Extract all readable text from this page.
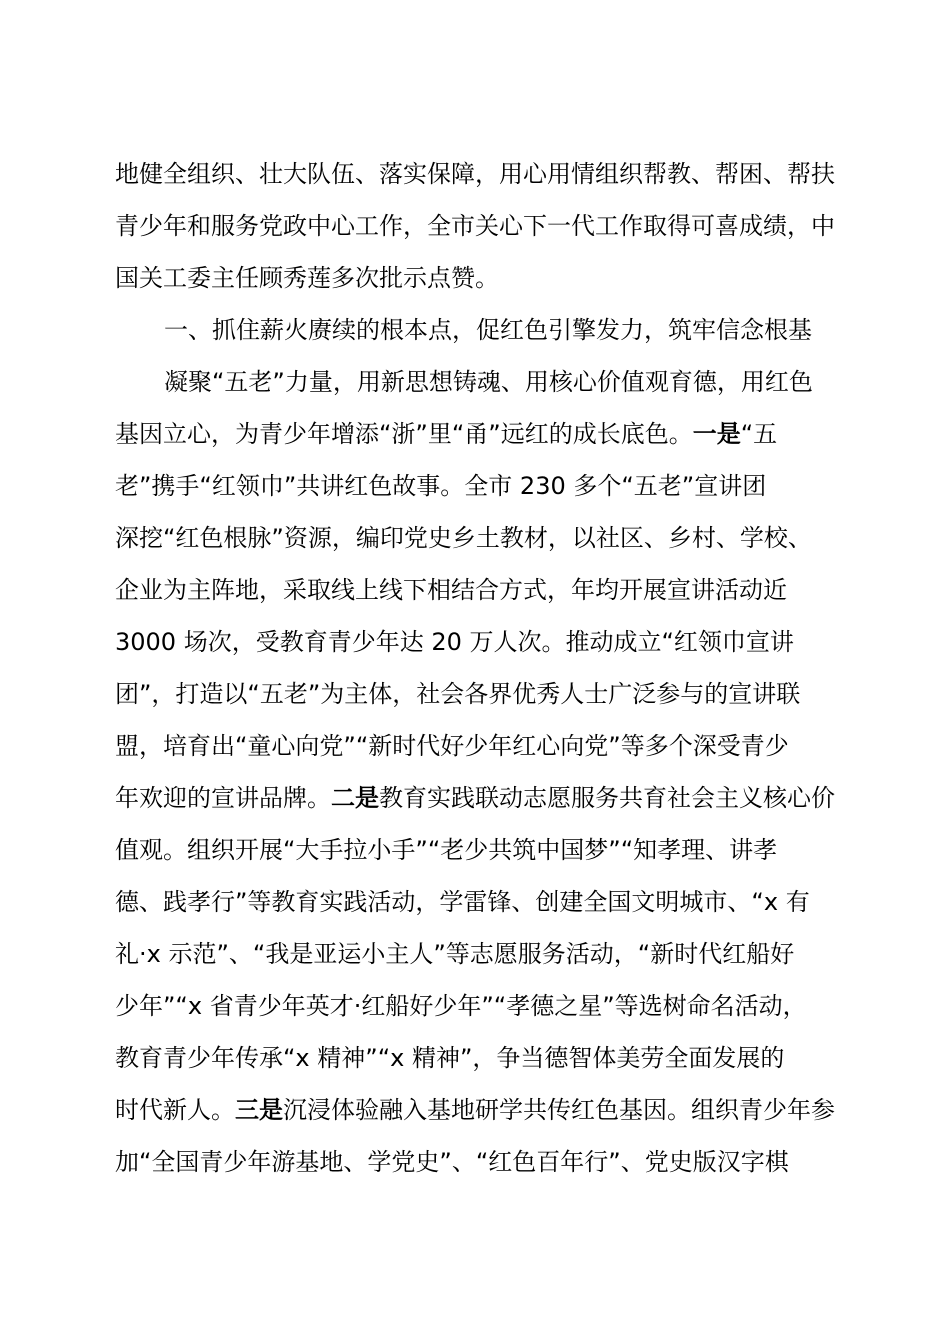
地健全组织、壮大队伍、落实保障，用心用情组织帮教、帮困、帮扶
青少年和服务党政中心工作，全市关心下一代工作取得可喜成绩，中
国关工委主任顾秀莲多次批示点赞。
一、抓住薪火赓续的根本点，促红色引擎发力，筑牢信念根基
凝聚“五老”力量，用新思想铸魂、用核心价值观育德，用红色
基因立心，为青少年增添“浙”里“甬”远红的成长底色。一是“五
老”携手“红领巾”共讲红色故事。全市 230 多个“五老”宣讲团
深挖“红色根脉”资源，编印党史乡土教材，以社区、乡村、学校、
企业为主阵地，采取线上线下相结合方式，年均开展宣讲活动近
3000 场次，受教育青少年达 20 万人次。推动成立“红领巾宣讲
团”，打造以“五老”为主体，社会各界优秀人士广泛参与的宣讲联
盟，培育出“童心向党”“新时代好少年红心向党”等多个深受青少
年欢迎的宣讲品牌。二是教育实践联动志愿服务共育社会主义核心价
值观。组织开展“大手拉小手”“老少共筑中国梦”“知孝理、讲孝
德、践孝行”等教育实践活动，学雷锋、创建全国文明城市、“x 有
礼·x 示范”、“我是亚运小主人”等志愿服务活动，“新时代红船好
少年”“x 省青少年英才·红船好少年”“孝德之星”等选树命名活动，
教育青少年传承“x 精神”“x 精神”，争当德智体美劳全面发展的
时代新人。三是沉浸体验融入基地研学共传红色基因。组织青少年参
加“全国青少年游基地、学党史”、“红色百年行”、党史版汉字棋
